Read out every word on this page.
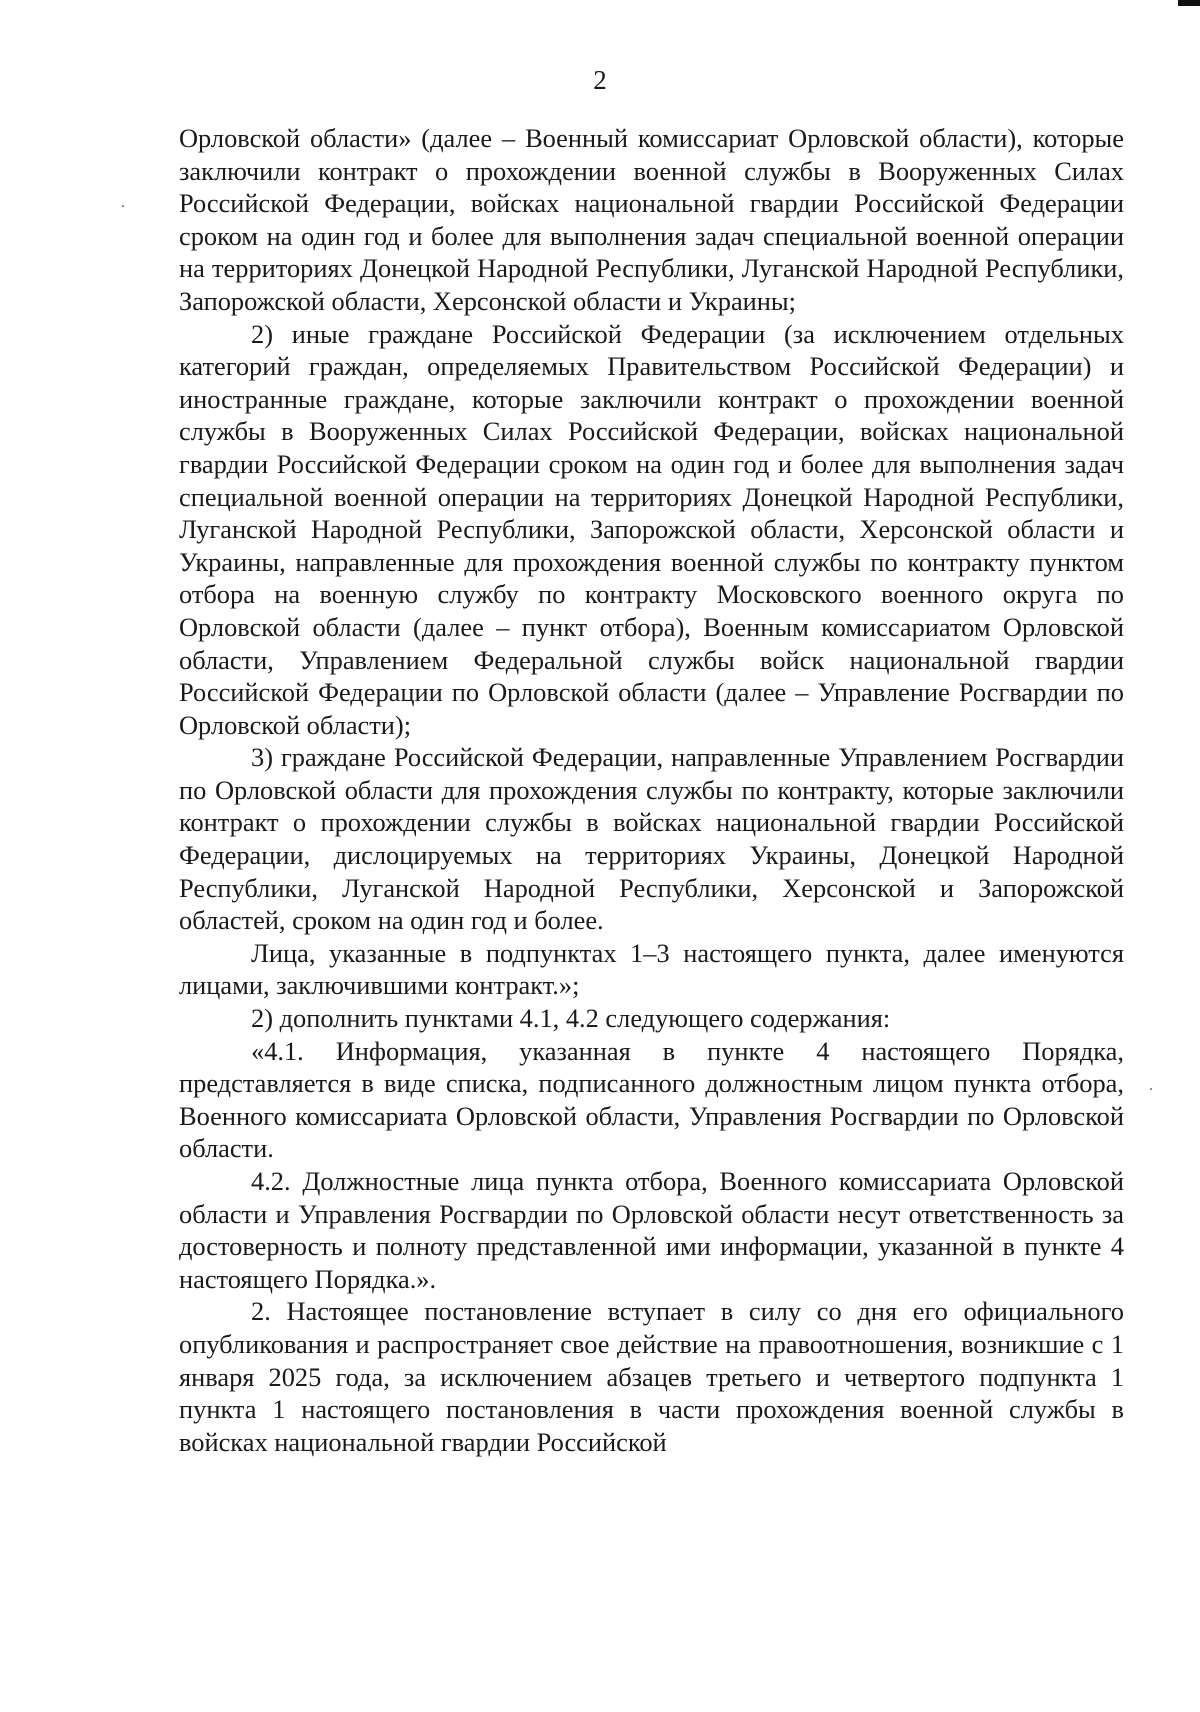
2

Орловской области» (далее – Военный комиссариат Орловской области), которые заключили контракт о прохождении военной службы в Вооруженных Силах Российской Федерации, войсках национальной гвардии Российской Федерации сроком на один год и более для выполнения задач специальной военной операции на территориях Донецкой Народной Республики, Луганской Народной Республики, Запорожской области, Херсонской области и Украины;

2) иные граждане Российской Федерации (за исключением отдельных категорий граждан, определяемых Правительством Российской Федерации) и иностранные граждане, которые заключили контракт о прохождении военной службы в Вооруженных Силах Российской Федерации, войсках национальной гвардии Российской Федерации сроком на один год и более для выполнения задач специальной военной операции на территориях Донецкой Народной Республики, Луганской Народной Республики, Запорожской области, Херсонской области и Украины, направленные для прохождения военной службы по контракту пунктом отбора на военную службу по контракту Московского военного округа по Орловской области (далее – пункт отбора), Военным комиссариатом Орловской области, Управлением Федеральной службы войск национальной гвардии Российской Федерации по Орловской области (далее – Управление Росгвардии по Орловской области);

3) граждане Российской Федерации, направленные Управлением Росгвардии по Орловской области для прохождения службы по контракту, которые заключили контракт о прохождении службы в войсках национальной гвардии Российской Федерации, дислоцируемых на территориях Украины, Донецкой Народной Республики, Луганской Народной Республики, Херсонской и Запорожской областей, сроком на один год и более.

Лица, указанные в подпунктах 1–3 настоящего пункта, далее именуются лицами, заключившими контракт.»;

2) дополнить пунктами 4.1, 4.2 следующего содержания:

«4.1. Информация, указанная в пункте 4 настоящего Порядка, представляется в виде списка, подписанного должностным лицом пункта отбора, Военного комиссариата Орловской области, Управления Росгвардии по Орловской области.

4.2. Должностные лица пункта отбора, Военного комиссариата Орловской области и Управления Росгвардии по Орловской области несут ответственность за достоверность и полноту представленной ими информации, указанной в пункте 4 настоящего Порядка.».

2. Настоящее постановление вступает в силу со дня его официального опубликования и распространяет свое действие на правоотношения, возникшие с 1 января 2025 года, за исключением абзацев третьего и четвертого подпункта 1 пункта 1 настоящего постановления в части прохождения военной службы в войсках национальной гвардии Российской
